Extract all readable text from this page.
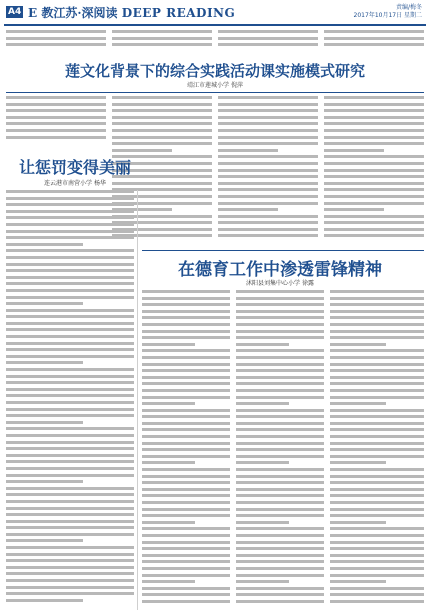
A4 E 教江苏·深阅读 DEEP READING	责编/梅冬
2017年10月17日 星期二
莲文化背景下的综合实践活动课实施模式研究
靖江市莲城小学 倪萍
让惩罚变得美丽
连云港市南营小学 杨华
在德育工作中渗透雷锋精神
沭阳县刘集中心小学 徐露
